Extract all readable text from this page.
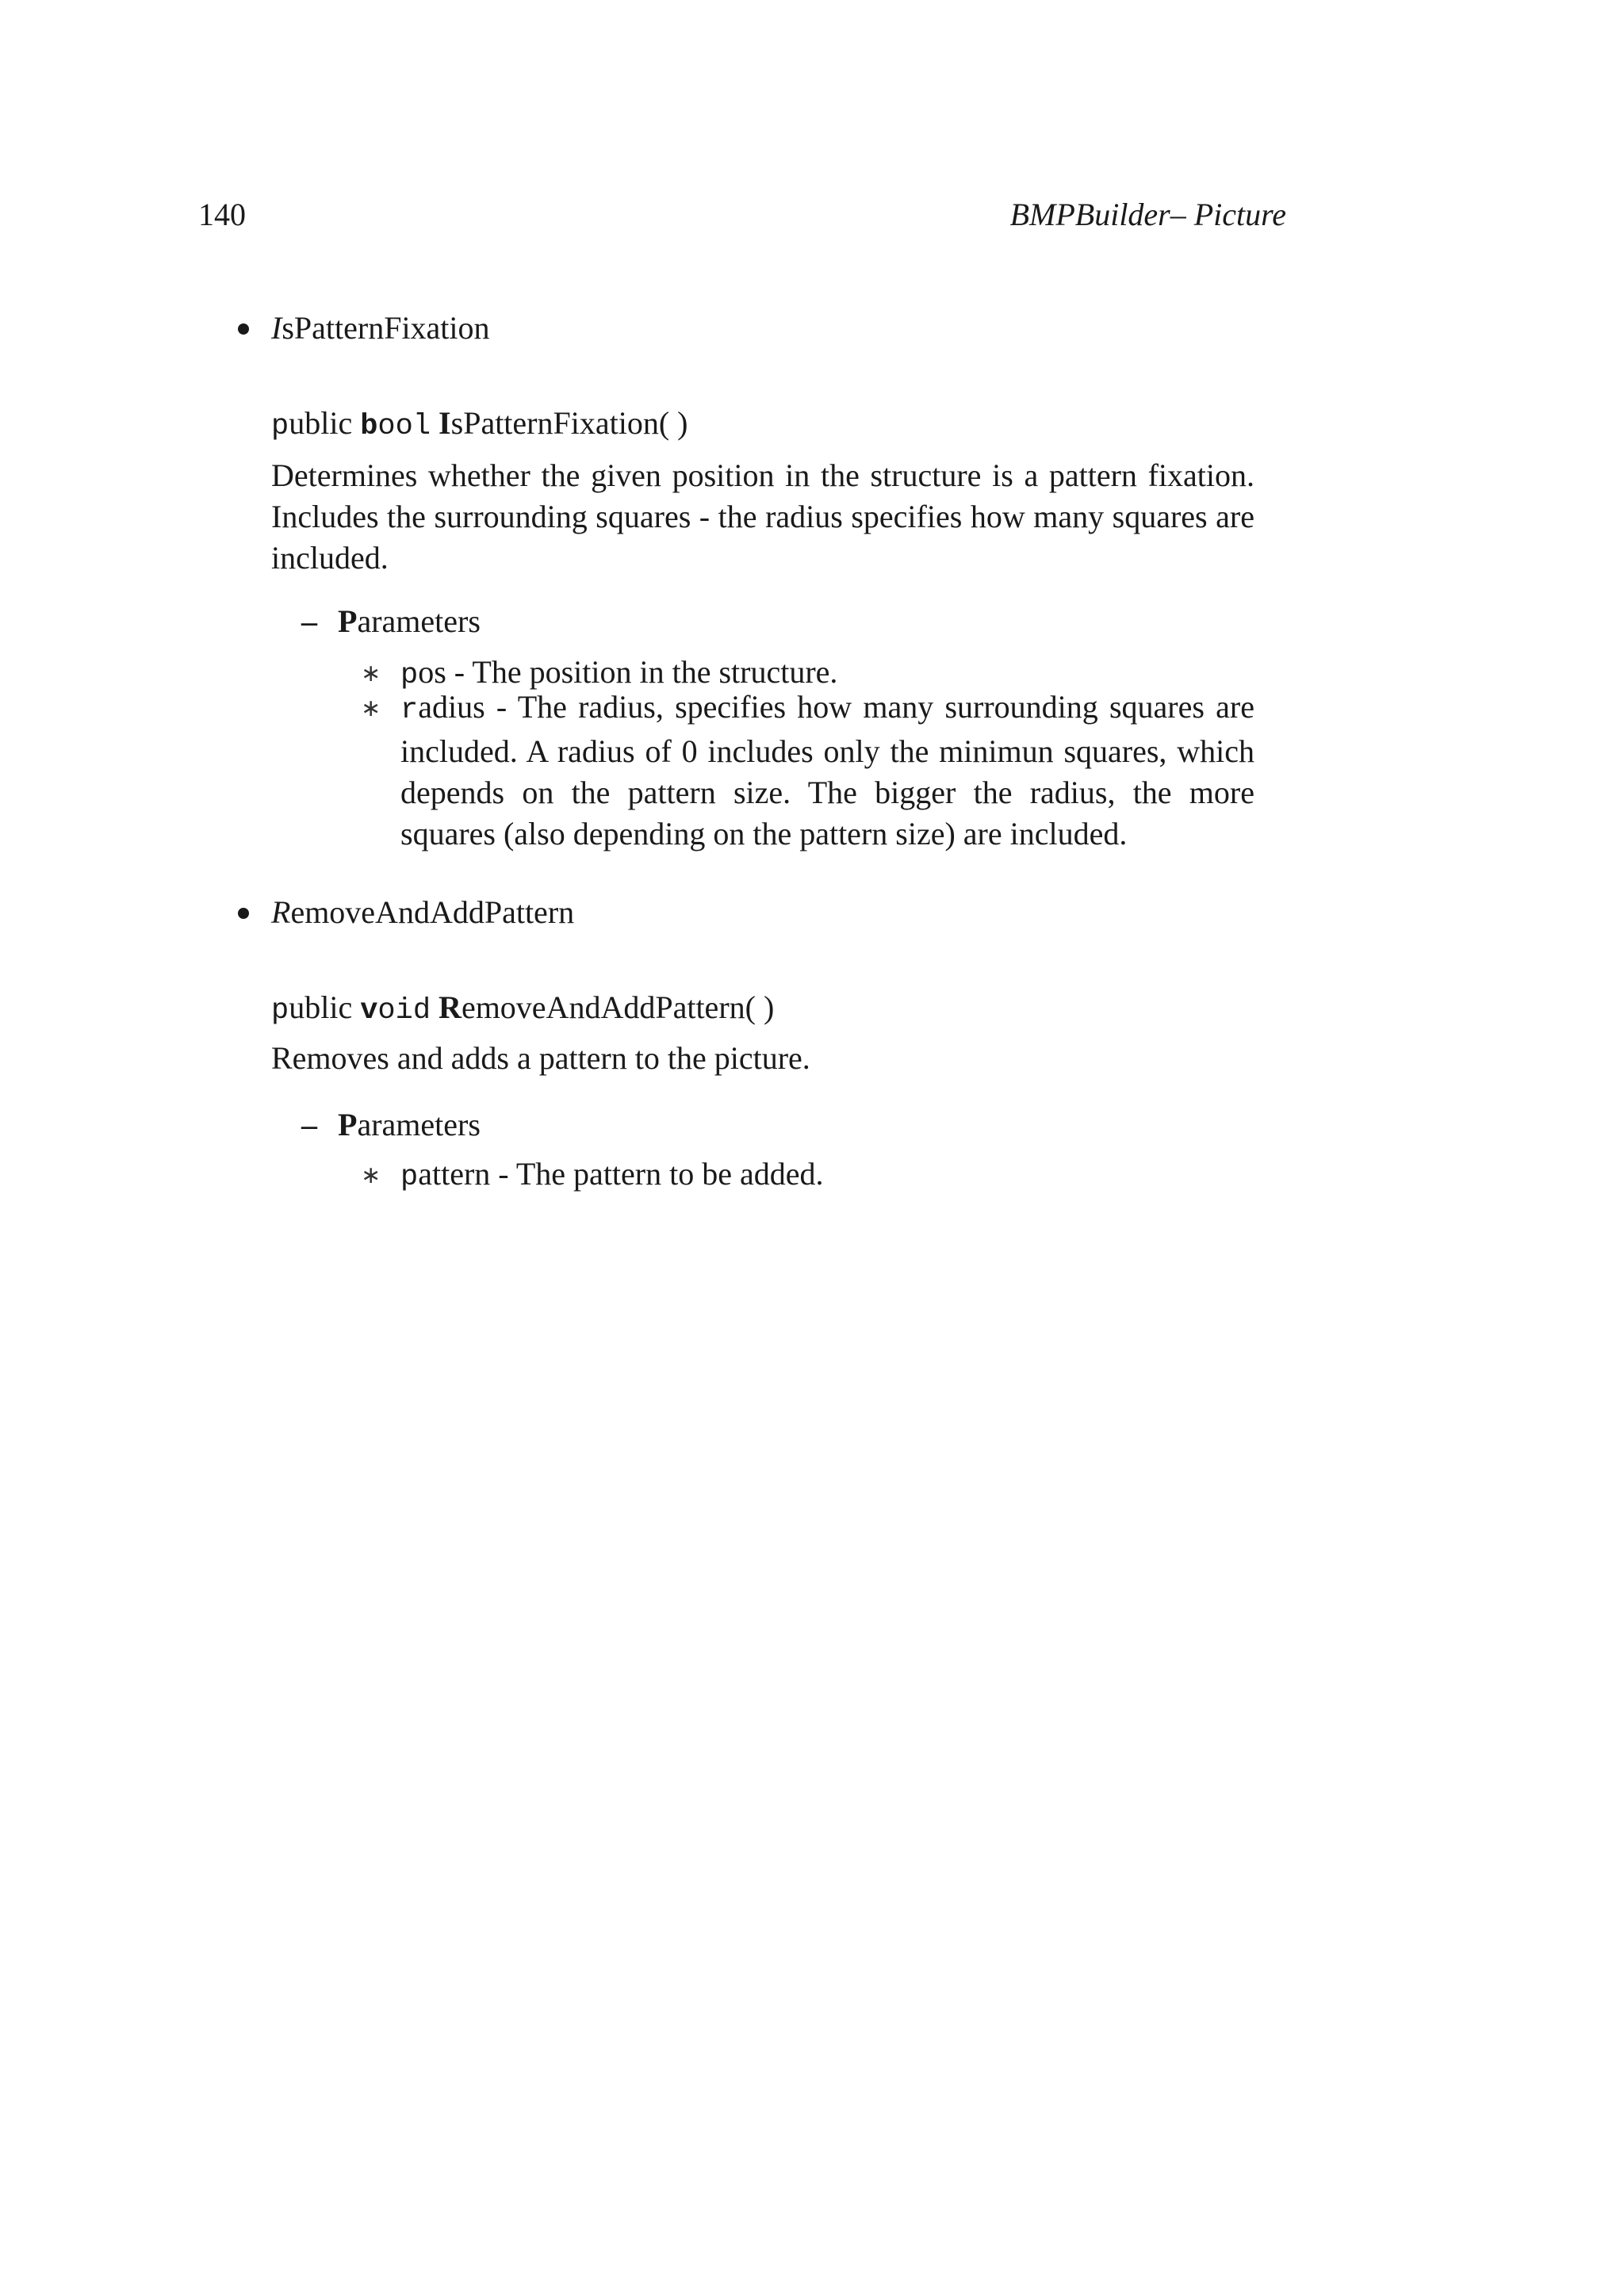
140	BMPBuilder– Picture
IsPatternFixation
public bool IsPatternFixation( )

Determines whether the given position in the structure is a pattern fixation. Includes the surrounding squares - the radius specifies how many squares are included.

– Parameters
∗ pos - The position in the structure.
∗ radius - The radius, specifies how many surrounding squares are included. A radius of 0 includes only the minimun squares, which depends on the pattern size. The bigger the radius, the more squares (also depending on the pattern size) are included.
RemoveAndAddPattern
public void RemoveAndAddPattern( )

Removes and adds a pattern to the picture.

– Parameters
∗ pattern - The pattern to be added.
